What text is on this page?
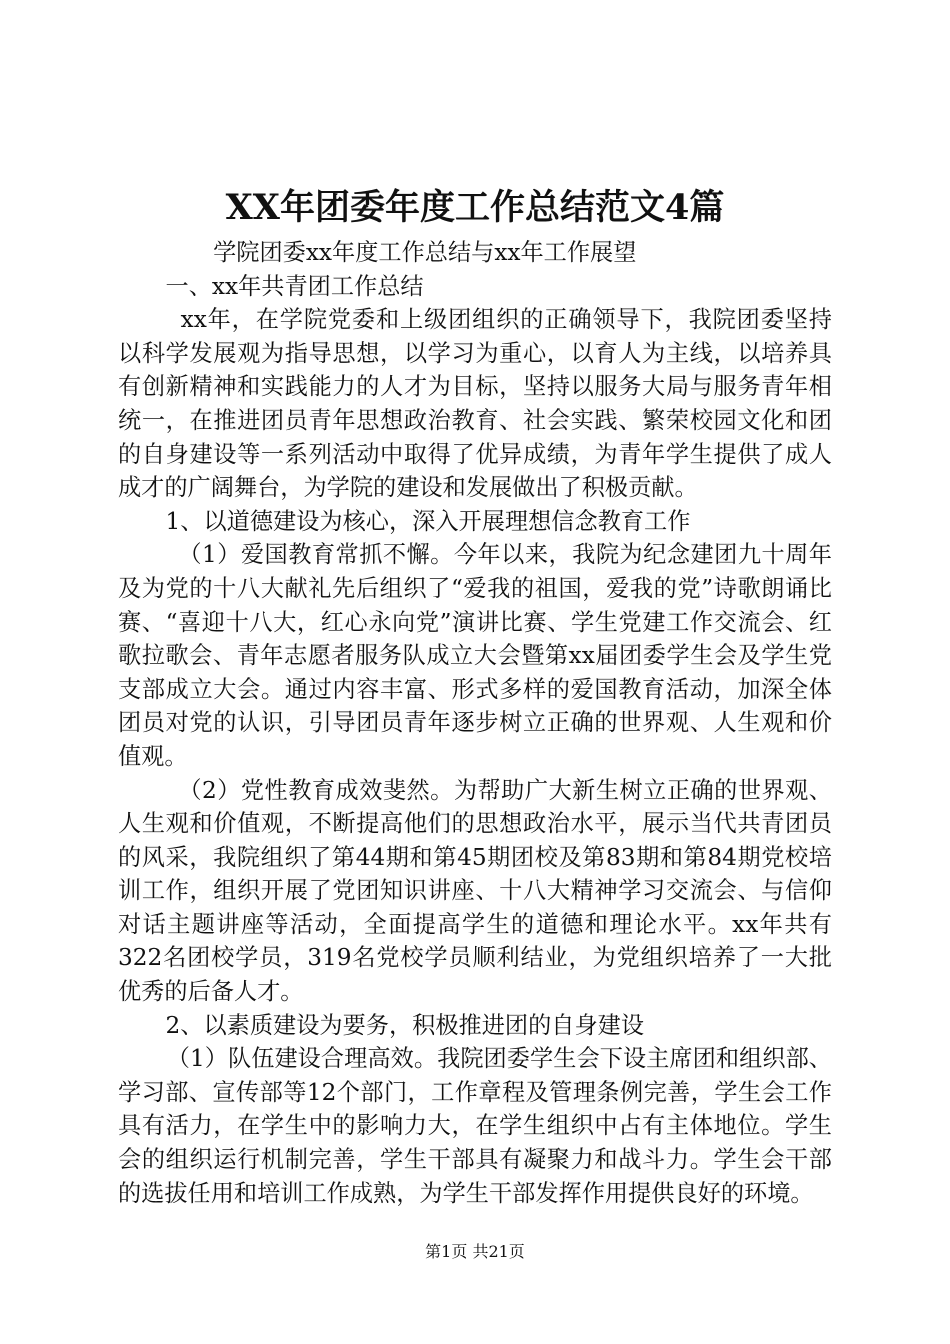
XX年团委年度工作总结范文4篇

学院团委xx年度工作总结与xx年工作展望

一、xx年共青团工作总结

xx年，在学院党委和上级团组织的正确领导下，我院团委坚持以科学发展观为指导思想，以学习为重心，以育人为主线，以培养具有创新精神和实践能力的人才为目标，坚持以服务大局与服务青年相统一，在推进团员青年思想政治教育、社会实践、繁荣校园文化和团的自身建设等一系列活动中取得了优异成绩，为青年学生提供了成人成才的广阔舞台，为学院的建设和发展做出了积极贡献。

1、以道德建设为核心，深入开展理想信念教育工作

（1）爱国教育常抓不懈。今年以来，我院为纪念建团九十周年及为党的十八大献礼先后组织了“爱我的祖国，爱我的党”诗歌朗诵比赛、“喜迎十八大，红心永向党”演讲比赛、学生党建工作交流会、红歌拉歌会、青年志愿者服务队成立大会暨第xx届团委学生会及学生党支部成立大会。通过内容丰富、形式多样的爱国教育活动，加深全体团员对党的认识，引导团员青年逐步树立正确的世界观、人生观和价值观。

（2）党性教育成效斐然。为帮助广大新生树立正确的世界观、人生观和价值观，不断提高他们的思想政治水平，展示当代共青团员的风采，我院组织了第44期和第45期团校及第83期和第84期党校培训工作，组织开展了党团知识讲座、十八大精神学习交流会、与信仰对话主题讲座等活动，全面提高学生的道德和理论水平。xx年共有322名团校学员，319名党校学员顺利结业，为党组织培养了一大批优秀的后备人才。

2、以素质建设为要务，积极推进团的自身建设

（1）队伍建设合理高效。我院团委学生会下设主席团和组织部、学习部、宣传部等12个部门，工作章程及管理条例完善，学生会工作具有活力，在学生中的影响力大，在学生组织中占有主体地位。学生会的组织运行机制完善，学生干部具有凝聚力和战斗力。学生会干部的选拔任用和培训工作成熟，为学生干部发挥作用提供良好的环境。

第1页 共21页
